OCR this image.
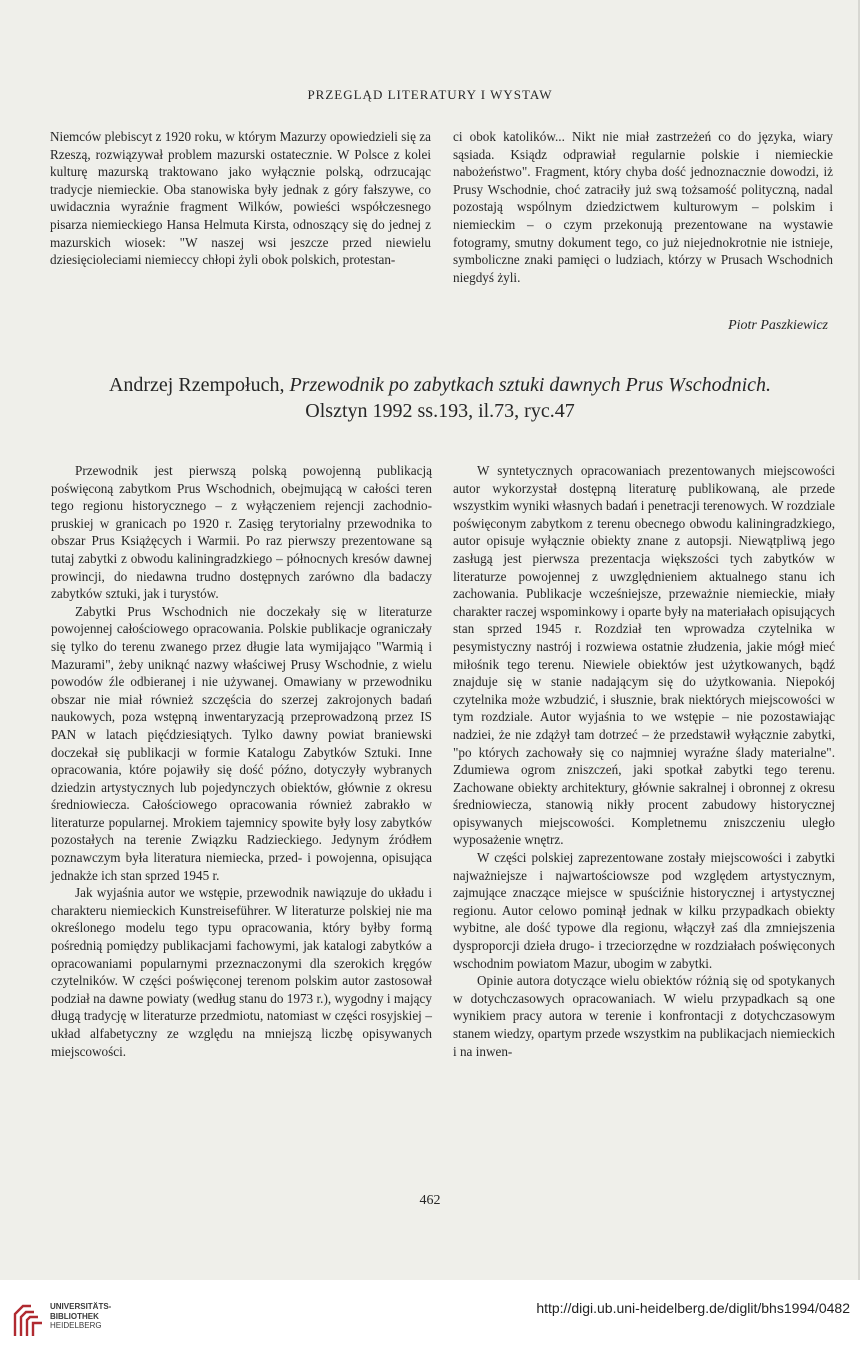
PRZEGLĄD LITERATURY I WYSTAW

Niemców plebiscyt z 1920 roku, w którym Mazurzy opowiedzieli się za Rzeszą, rozwiązywał problem mazurski ostatecznie. W Polsce z kolei kulturę mazurską traktowano jako wyłącznie polską, odrzucając tradycje niemieckie. Oba stanowiska były jednak z góry fałszywe, co uwidacznia wyraźnie fragment Wilków, powieści współczesnego pisarza niemieckiego Hansa Helmuta Kirsta, odnoszący się do jednej z mazurskich wiosek: "W naszej wsi jeszcze przed niewielu dziesięcioleciami niemieccy chłopi żyli obok polskich, protestan-

ci obok katolików... Nikt nie miał zastrzeżeń co do języka, wiary sąsiada. Ksiądz odprawiał regularnie polskie i niemieckie nabożeństwo". Fragment, który chyba dość jednoznacznie dowodzi, iż Prusy Wschodnie, choć zatraciły już swą tożsamość polityczną, nadal pozostają wspólnym dziedzictwem kulturowym – polskim i niemieckim – o czym przekonują prezentowane na wystawie fotogramy, smutny dokument tego, co już niejednokrotnie nie istnieje, symboliczne znaki pamięci o ludziach, którzy w Prusach Wschodnich niegdyś żyli.

Piotr Paszkiewicz
Andrzej Rzempołuch, Przewodnik po zabytkach sztuki dawnych Prus Wschodnich.
Olsztyn 1992 ss.193, il.73, ryc.47

Przewodnik jest pierwszą polską powojenną publikacją poświęconą zabytkom Prus Wschodnich, obejmującą w całości teren tego regionu historycznego – z wyłączeniem rejencji zachodnio-pruskiej w granicach po 1920 r. Zasięg terytorialny przewodnika to obszar Prus Książęcych i Warmii. Po raz pierwszy prezentowane są tutaj zabytki z obwodu kaliningradzkiego – północnych kresów dawnej prowincji, do niedawna trudno dostępnych zarówno dla badaczy zabytków sztuki, jak i turystów.

Zabytki Prus Wschodnich nie doczekały się w literaturze powojennej całościowego opracowania. Polskie publikacje ograniczały się tylko do terenu zwanego przez długie lata wymijająco "Warmią i Mazurami", żeby uniknąć nazwy właściwej Prusy Wschodnie, z wielu powodów źle odbieranej i nie używanej. Omawiany w przewodniku obszar nie miał również szczęścia do szerzej zakrojonych badań naukowych, poza wstępną inwentaryzacją przeprowadzoną przez IS PAN w latach pięćdziesiątych. Tylko dawny powiat braniewski doczekał się publikacji w formie Katalogu Zabytków Sztuki. Inne opracowania, które pojawiły się dość późno, dotyczyły wybranych dziedzin artystycznych lub pojedynczych obiektów, głównie z okresu średniowiecza. Całościowego opracowania również zabrakło w literaturze popularnej. Mrokiem tajemnicy spowite były losy zabytków pozostałych na terenie Związku Radzieckiego. Jedynym źródłem poznawczym była literatura niemiecka, przed- i powojenna, opisująca jednakże ich stan sprzed 1945 r.

Jak wyjaśnia autor we wstępie, przewodnik nawiązuje do układu i charakteru niemieckich Kunstreiseführer. W literaturze polskiej nie ma określonego modelu tego typu opracowania, który byłby formą pośrednią pomiędzy publikacjami fachowymi, jak katalogi zabytków a opracowaniami popularnymi przeznaczonymi dla szerokich kręgów czytelników. W części poświęconej terenom polskim autor zastosował podział na dawne powiaty (według stanu do 1973 r.), wygodny i mający długą tradycję w literaturze przedmiotu, natomiast w części rosyjskiej – układ alfabetyczny ze względu na mniejszą liczbę opisywanych miejscowości.

W syntetycznych opracowaniach prezentowanych miejscowości autor wykorzystał dostępną literaturę publikowaną, ale przede wszystkim wyniki własnych badań i penetracji terenowych. W rozdziale poświęconym zabytkom z terenu obecnego obwodu kaliningradzkiego, autor opisuje wyłącznie obiekty znane z autopsji. Niewątpliwą jego zasługą jest pierwsza prezentacja większości tych zabytków w literaturze powojennej z uwzględnieniem aktualnego stanu ich zachowania. Publikacje wcześniejsze, przeważnie niemieckie, miały charakter raczej wspominkowy i oparte były na materiałach opisujących stan sprzed 1945 r. Rozdział ten wprowadza czytelnika w pesymistyczny nastrój i rozwiewa ostatnie złudzenia, jakie mógł mieć miłośnik tego terenu. Niewiele obiektów jest użytkowanych, bądź znajduje się w stanie nadającym się do użytkowania. Niepokój czytelnika może wzbudzić, i słusznie, brak niektórych miejscowości w tym rozdziale. Autor wyjaśnia to we wstępie – nie pozostawiając nadziei, że nie zdążył tam dotrzeć – że przedstawił wyłącznie zabytki, "po których zachowały się co najmniej wyraźne ślady materialne". Zdumiewa ogrom zniszczeń, jaki spotkał zabytki tego terenu. Zachowane obiekty architektury, głównie sakralnej i obronnej z okresu średniowiecza, stanowią nikły procent zabudowy historycznej opisywanych miejscowości. Kompletnemu zniszczeniu uległo wyposażenie wnętrz.

W części polskiej zaprezentowane zostały miejscowości i zabytki najważniejsze i najwartościowsze pod względem artystycznym, zajmujące znaczące miejsce w spuściźnie historycznej i artystycznej regionu. Autor celowo pominął jednak w kilku przypadkach obiekty wybitne, ale dość typowe dla regionu, włączył zaś dla zmniejszenia dysproporcji dzieła drugo- i trzeciorzędne w rozdziałach poświęconych wschodnim powiatom Mazur, ubogim w zabytki.

Opinie autora dotyczące wielu obiektów różnią się od spotykanych w dotychczasowych opracowaniach. W wielu przypadkach są one wynikiem pracy autora w terenie i konfrontacji z dotychczasowym stanem wiedzy, opartym przede wszystkim na publikacjach niemieckich i na inwen-

462
UNIVERSITÄTS-
BIBLIOTHEK
HEIDELBERG
http://digi.ub.uni-heidelberg.de/diglit/bhs1994/0482
